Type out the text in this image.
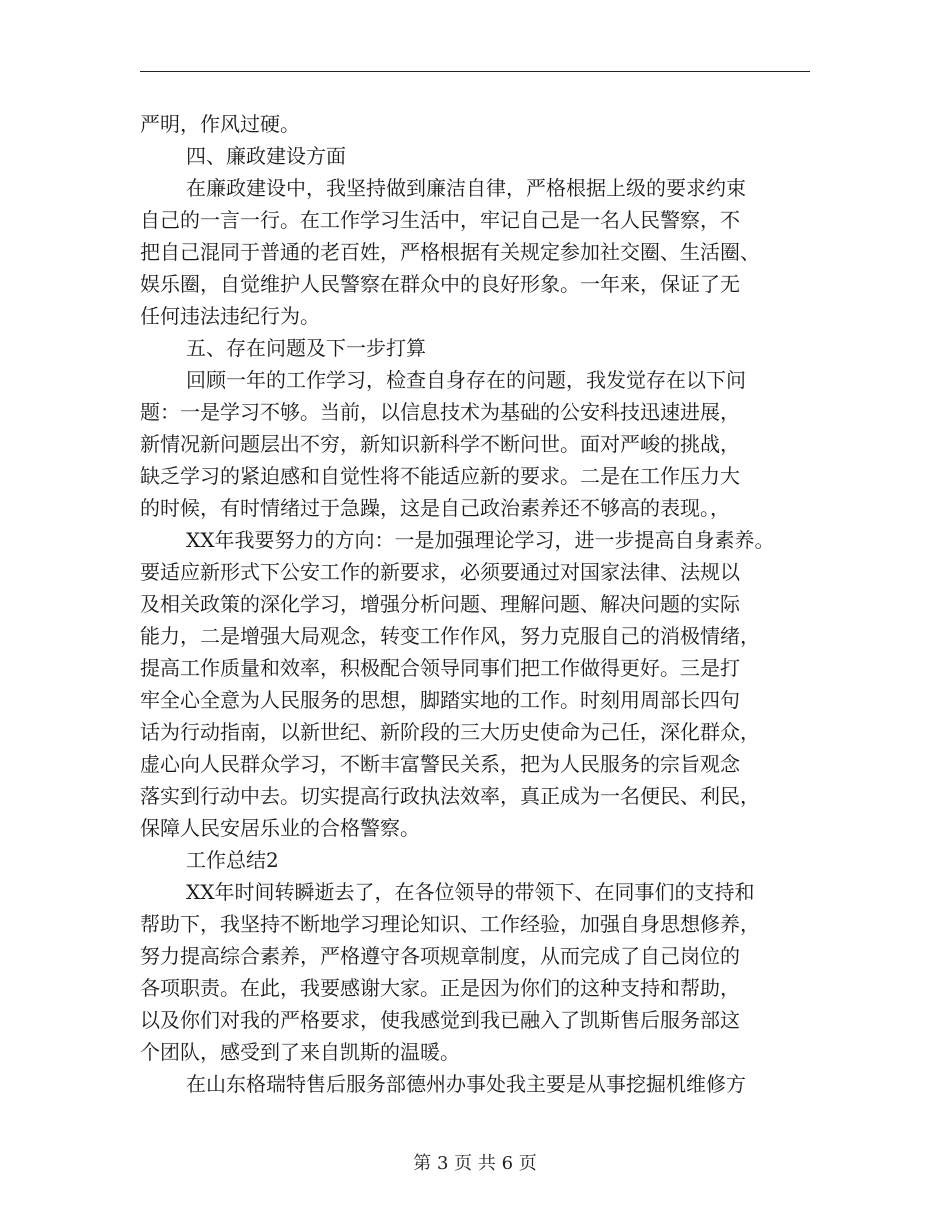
严明，作风过硬。
四、廉政建设方面
在廉政建设中，我坚持做到廉洁自律，严格根据上级的要求约束
自己的一言一行。在工作学习生活中，牢记自己是一名人民警察，不
把自己混同于普通的老百姓，严格根据有关规定参加社交圈、生活圈、
娱乐圈，自觉维护人民警察在群众中的良好形象。一年来，保证了无
任何违法违纪行为。
五、存在问题及下一步打算
回顾一年的工作学习，检查自身存在的问题，我发觉存在以下问
题：一是学习不够。当前，以信息技术为基础的公安科技迅速进展，
新情况新问题层出不穷，新知识新科学不断问世。面对严峻的挑战，
缺乏学习的紧迫感和自觉性将不能适应新的要求。二是在工作压力大
的时候，有时情绪过于急躁，这是自己政治素养还不够高的表现。，
XX年我要努力的方向：一是加强理论学习，进一步提高自身素养。
要适应新形式下公安工作的新要求，必须要通过对国家法律、法规以
及相关政策的深化学习，增强分析问题、理解问题、解决问题的实际
能力，二是增强大局观念，转变工作作风，努力克服自己的消极情绪，
提高工作质量和效率，积极配合领导同事们把工作做得更好。三是打
牢全心全意为人民服务的思想，脚踏实地的工作。时刻用周部长四句
话为行动指南，以新世纪、新阶段的三大历史使命为己任，深化群众，
虚心向人民群众学习，不断丰富警民关系，把为人民服务的宗旨观念
落实到行动中去。切实提高行政执法效率，真正成为一名便民、利民，
保障人民安居乐业的合格警察。
工作总结2
XX年时间转瞬逝去了，在各位领导的带领下、在同事们的支持和
帮助下，我坚持不断地学习理论知识、工作经验，加强自身思想修养，
努力提高综合素养，严格遵守各项规章制度，从而完成了自己岗位的
各项职责。在此，我要感谢大家。正是因为你们的这种支持和帮助，
以及你们对我的严格要求，使我感觉到我已融入了凯斯售后服务部这
个团队，感受到了来自凯斯的温暖。
在山东格瑞特售后服务部德州办事处我主要是从事挖掘机维修方
第 3 页 共 6 页
